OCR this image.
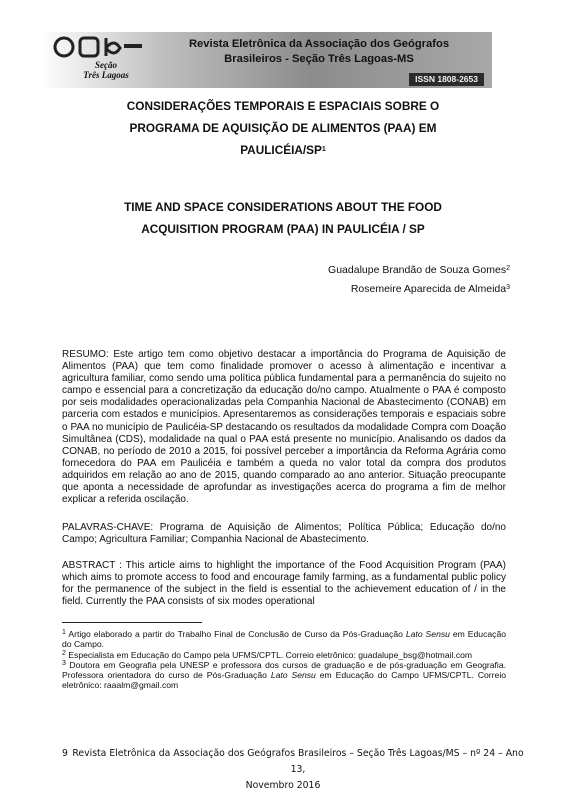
Seção
Três Lagoas
Revista Eletrônica da Associação dos Geógrafos
Brasileiros - Seção Três Lagoas-MS
ISSN 1808-2653
CONSIDERAÇÕES TEMPORAIS E ESPACIAIS SOBRE O
PROGRAMA DE AQUISIÇÃO DE ALIMENTOS (PAA) EM
PAULICÉIA/$SP^1$
TIME AND SPACE CONSIDERATIONS ABOUT THE FOOD
ACQUISITION PROGRAM (PAA) IN PAULICÉIA / SP
Guadalupe Brandão de Souza Gomes$^2$
Rosemeire Aparecida de Almeida$^3$

RESUMO: Este artigo tem como objetivo destacar a importância do Programa de Aquisição de Alimentos (PAA) que tem como finalidade promover o acesso à alimentação e incentivar a agricultura familiar, como sendo uma política pública fundamental para a permanência do sujeito no campo e essencial para a concretização da educação do/no campo. Atualmente o PAA é composto por seis modalidades operacionalizadas pela Companhia Nacional de Abastecimento (CONAB) em parceria com estados e municípios. Apresentaremos as considerações temporais e espaciais sobre o PAA no município de Paulicéia-SP destacando os resultados da modalidade Compra com Doação Simultânea (CDS), modalidade na qual o PAA está presente no município. Analisando os dados da CONAB, no período de 2010 a 2015, foi possível perceber a importância da Reforma Agrária como fornecedora do PAA em Paulicéia e também a queda no valor total da compra dos produtos adquiridos em relação ao ano de 2015, quando comparado ao ano anterior. Situação preocupante que aponta a necessidade de aprofundar as investigações acerca do programa a fim de melhor explicar a referida oscilação.

PALAVRAS-CHAVE: Programa de Aquisição de Alimentos; Política Pública; Educação do/no Campo; Agricultura Familiar; Companhia Nacional de Abastecimento.

ABSTRACT : This article aims to highlight the importance of the Food Acquisition Program (PAA) which aims to promote access to food and encourage family farming, as a fundamental public policy for the permanence of the subject in the field is essential to the achievement education of / in the field. Currently the PAA consists of six modes operational

$^1$ Artigo elaborado a partir do Trabalho Final de Conclusão de Curso da Pós-Graduação Lato Sensu em Educação do Campo.

$^2$ Especialista em Educação do Campo pela UFMS/CPTL. Correio eletrônico: guadalupe_bsg@hotmail.com

$^3$ Doutora em Geografia pela UNESP e professora dos cursos de graduação e de pós-graduação em Geografia. Professora orientadora do curso de Pós-Graduação Lato Sensu em Educação do Campo UFMS/CPTL. Correio eletrônico: raaalm@gmail.com

9 Revista Eletrônica da Associação dos Geógrafos Brasileiros – Seção Três Lagoas/MS – nº 24 – Ano 13,
Novembro 2016
